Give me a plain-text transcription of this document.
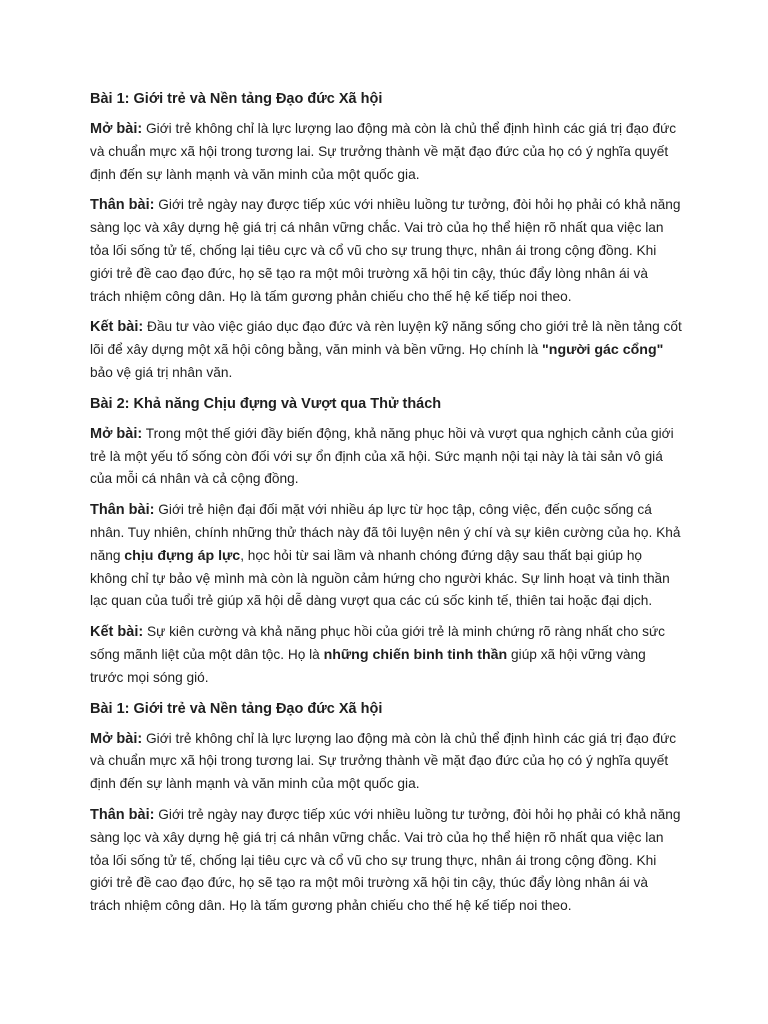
Bài 1: Giới trẻ và Nền tảng Đạo đức Xã hội

Mở bài: Giới trẻ không chỉ là lực lượng lao động mà còn là chủ thể định hình các giá trị đạo đức và chuẩn mực xã hội trong tương lai. Sự trưởng thành về mặt đạo đức của họ có ý nghĩa quyết định đến sự lành mạnh và văn minh của một quốc gia.

Thân bài: Giới trẻ ngày nay được tiếp xúc với nhiều luồng tư tưởng, đòi hỏi họ phải có khả năng sàng lọc và xây dựng hệ giá trị cá nhân vững chắc. Vai trò của họ thể hiện rõ nhất qua việc lan tỏa lối sống tử tế, chống lại tiêu cực và cổ vũ cho sự trung thực, nhân ái trong cộng đồng. Khi giới trẻ đề cao đạo đức, họ sẽ tạo ra một môi trường xã hội tin cậy, thúc đẩy lòng nhân ái và trách nhiệm công dân. Họ là tấm gương phản chiếu cho thế hệ kế tiếp noi theo.

Kết bài: Đầu tư vào việc giáo dục đạo đức và rèn luyện kỹ năng sống cho giới trẻ là nền tảng cốt lõi để xây dựng một xã hội công bằng, văn minh và bền vững. Họ chính là "người gác cổng" bảo vệ giá trị nhân văn.

Bài 2: Khả năng Chịu đựng và Vượt qua Thử thách

Mở bài: Trong một thế giới đầy biến động, khả năng phục hồi và vượt qua nghịch cảnh của giới trẻ là một yếu tố sống còn đối với sự ổn định của xã hội. Sức mạnh nội tại này là tài sản vô giá của mỗi cá nhân và cả cộng đồng.

Thân bài: Giới trẻ hiện đại đối mặt với nhiều áp lực từ học tập, công việc, đến cuộc sống cá nhân. Tuy nhiên, chính những thử thách này đã tôi luyện nên ý chí và sự kiên cường của họ. Khả năng chịu đựng áp lực, học hỏi từ sai lầm và nhanh chóng đứng dậy sau thất bại giúp họ không chỉ tự bảo vệ mình mà còn là nguồn cảm hứng cho người khác. Sự linh hoạt và tinh thần lạc quan của tuổi trẻ giúp xã hội dễ dàng vượt qua các cú sốc kinh tế, thiên tai hoặc đại dịch.

Kết bài: Sự kiên cường và khả năng phục hồi của giới trẻ là minh chứng rõ ràng nhất cho sức sống mãnh liệt của một dân tộc. Họ là những chiến binh tinh thần giúp xã hội vững vàng trước mọi sóng gió.

Bài 1: Giới trẻ và Nền tảng Đạo đức Xã hội

Mở bài: Giới trẻ không chỉ là lực lượng lao động mà còn là chủ thể định hình các giá trị đạo đức và chuẩn mực xã hội trong tương lai. Sự trưởng thành về mặt đạo đức của họ có ý nghĩa quyết định đến sự lành mạnh và văn minh của một quốc gia.

Thân bài: Giới trẻ ngày nay được tiếp xúc với nhiều luồng tư tưởng, đòi hỏi họ phải có khả năng sàng lọc và xây dựng hệ giá trị cá nhân vững chắc. Vai trò của họ thể hiện rõ nhất qua việc lan tỏa lối sống tử tế, chống lại tiêu cực và cổ vũ cho sự trung thực, nhân ái trong cộng đồng. Khi giới trẻ đề cao đạo đức, họ sẽ tạo ra một môi trường xã hội tin cậy, thúc đẩy lòng nhân ái và trách nhiệm công dân. Họ là tấm gương phản chiếu cho thế hệ kế tiếp noi theo.
